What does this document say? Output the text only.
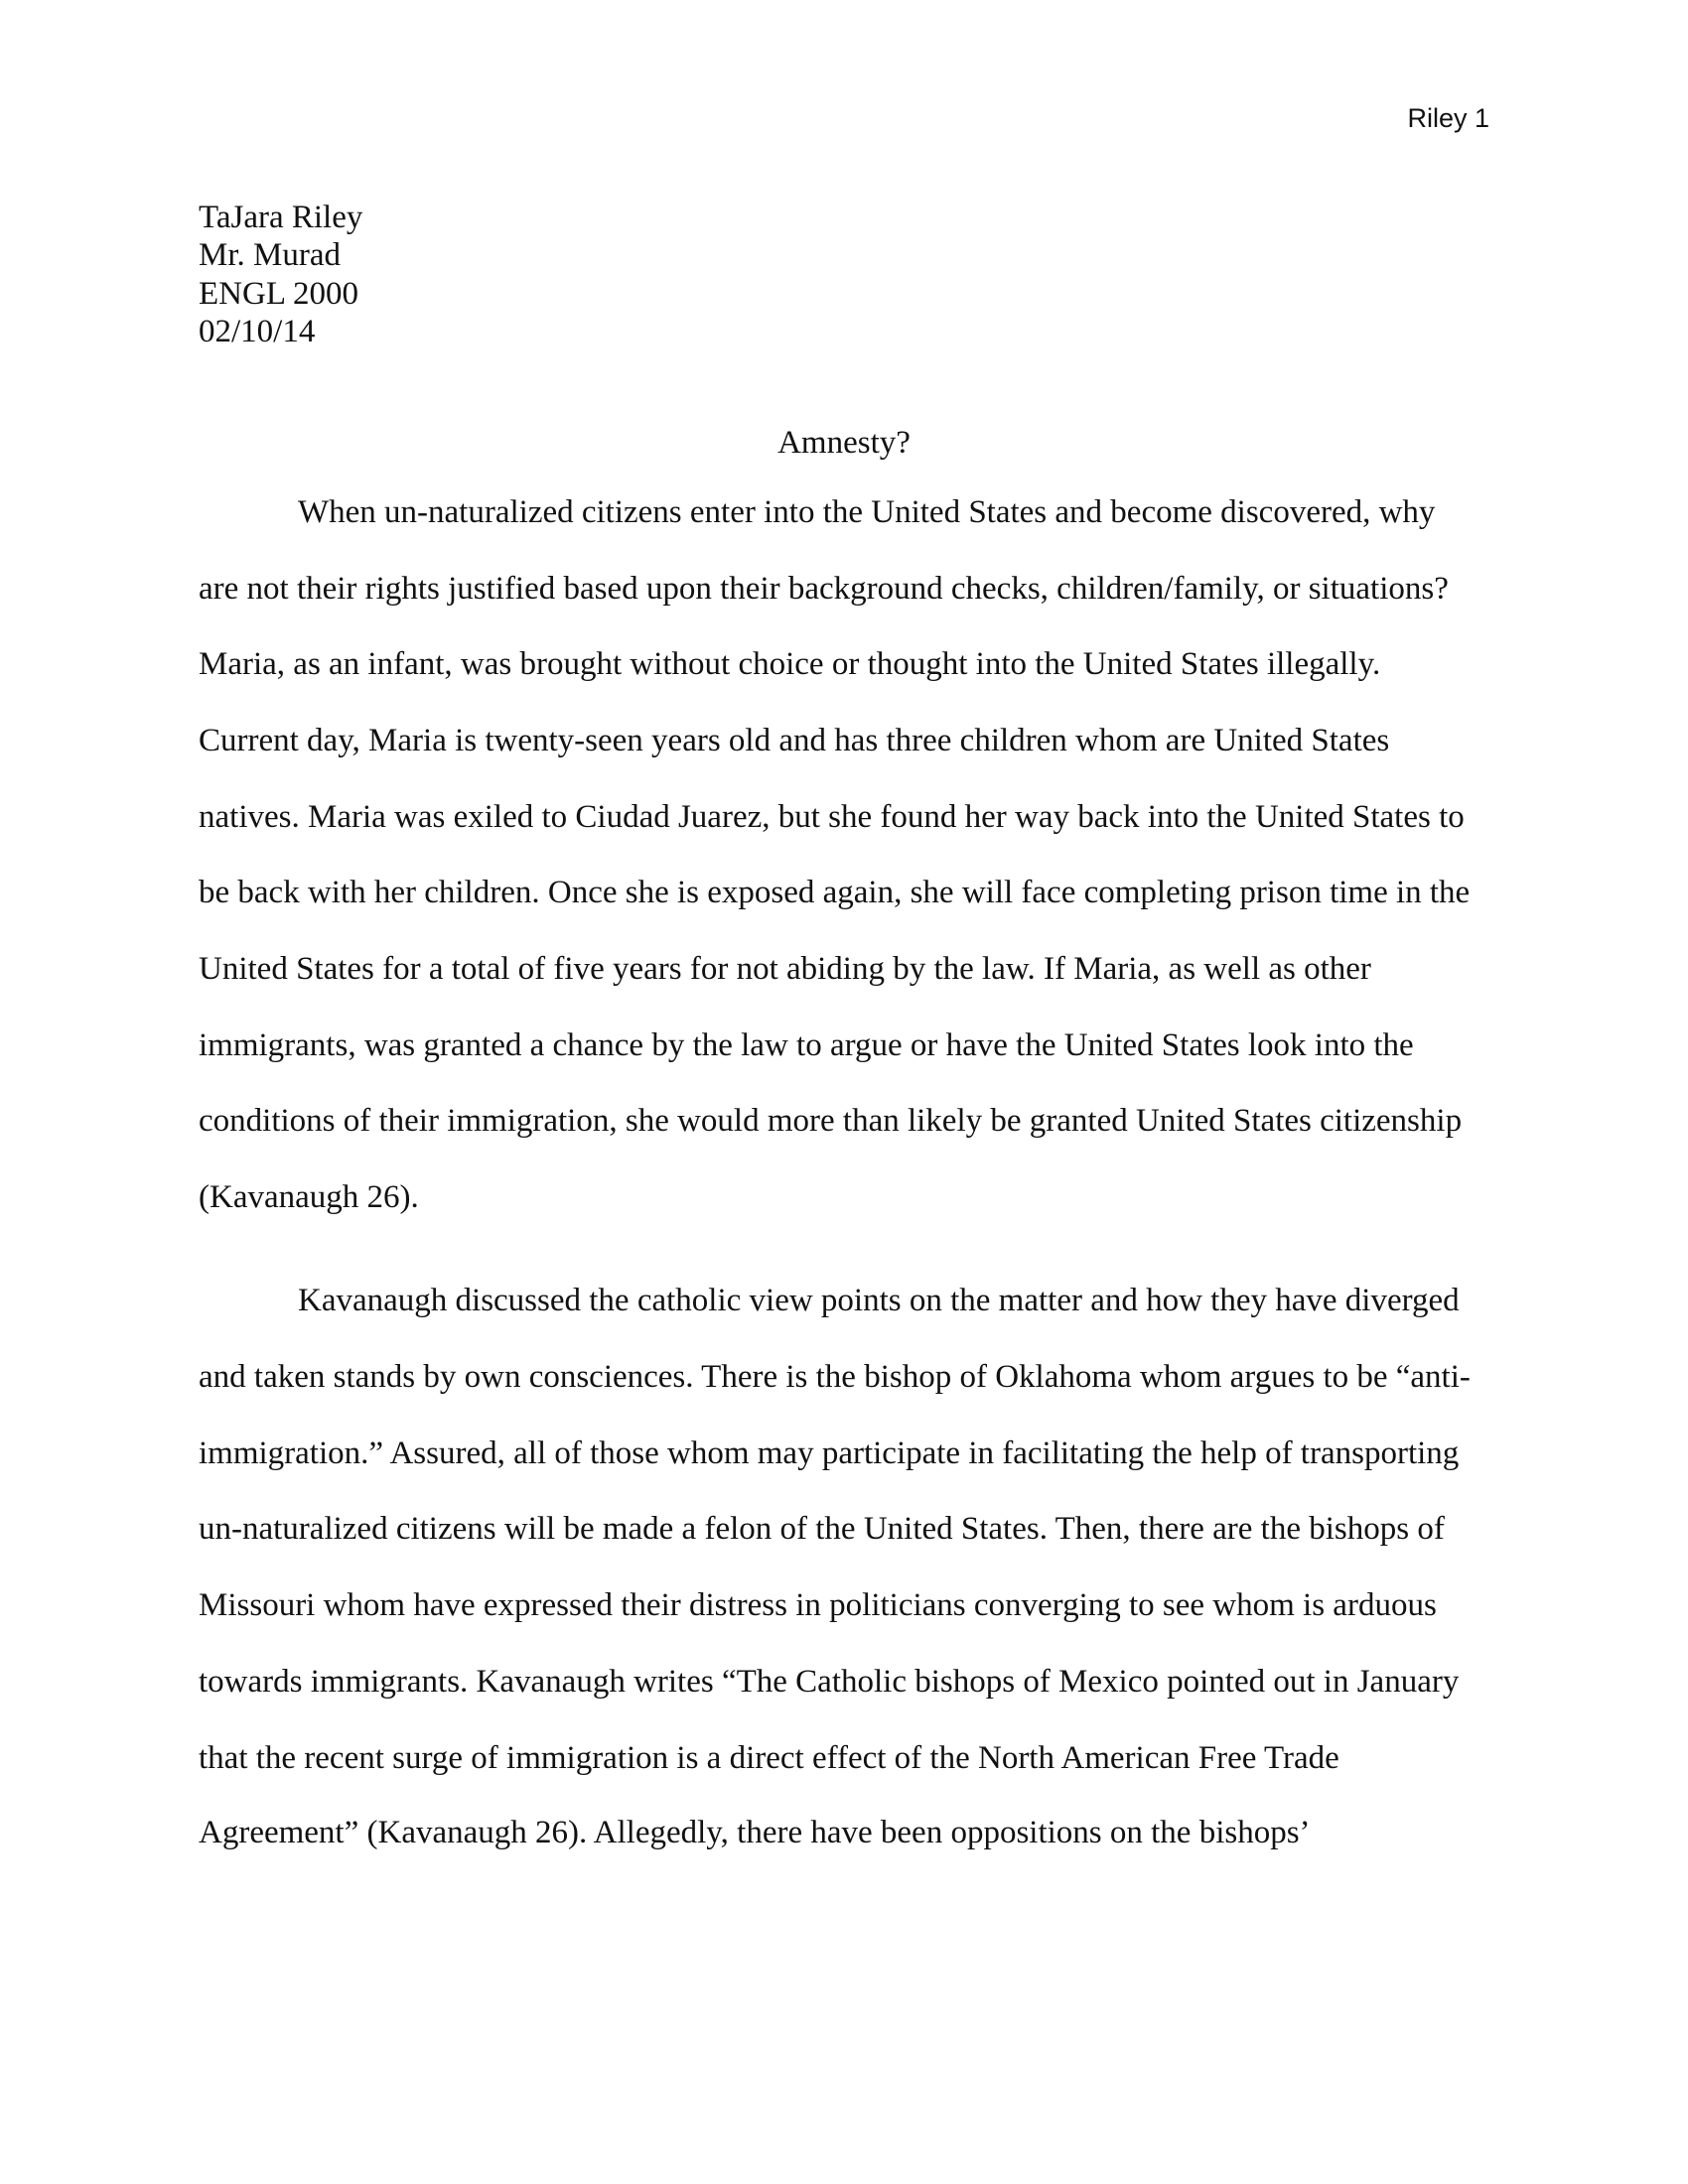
Riley 1
TaJara Riley
Mr. Murad
ENGL 2000
02/10/14
Amnesty?
When un-naturalized citizens enter into the United States and become discovered, why
are not their rights justified based upon their background checks, children/family, or situations?
Maria, as an infant, was brought without choice or thought into the United States illegally.
Current day, Maria is twenty-seen years old and has three children whom are United States
natives. Maria was exiled to Ciudad Juarez, but she found her way back into the United States to
be back with her children. Once she is exposed again, she will face completing prison time in the
United States for a total of five years for not abiding by the law. If Maria, as well as other
immigrants, was granted a chance by the law to argue or have the United States look into the
conditions of their immigration, she would more than likely be granted United States citizenship
(Kavanaugh 26).
Kavanaugh discussed the catholic view points on the matter and how they have diverged
and taken stands by own consciences. There is the bishop of Oklahoma whom argues to be “anti-
immigration.” Assured, all of those whom may participate in facilitating the help of transporting
un-naturalized citizens will be made a felon of the United States. Then, there are the bishops of
Missouri whom have expressed their distress in politicians converging to see whom is arduous
towards immigrants. Kavanaugh writes “The Catholic bishops of Mexico pointed out in January
that the recent surge of immigration is a direct effect of the North American Free Trade
Agreement” (Kavanaugh 26). Allegedly, there have been oppositions on the bishops’
